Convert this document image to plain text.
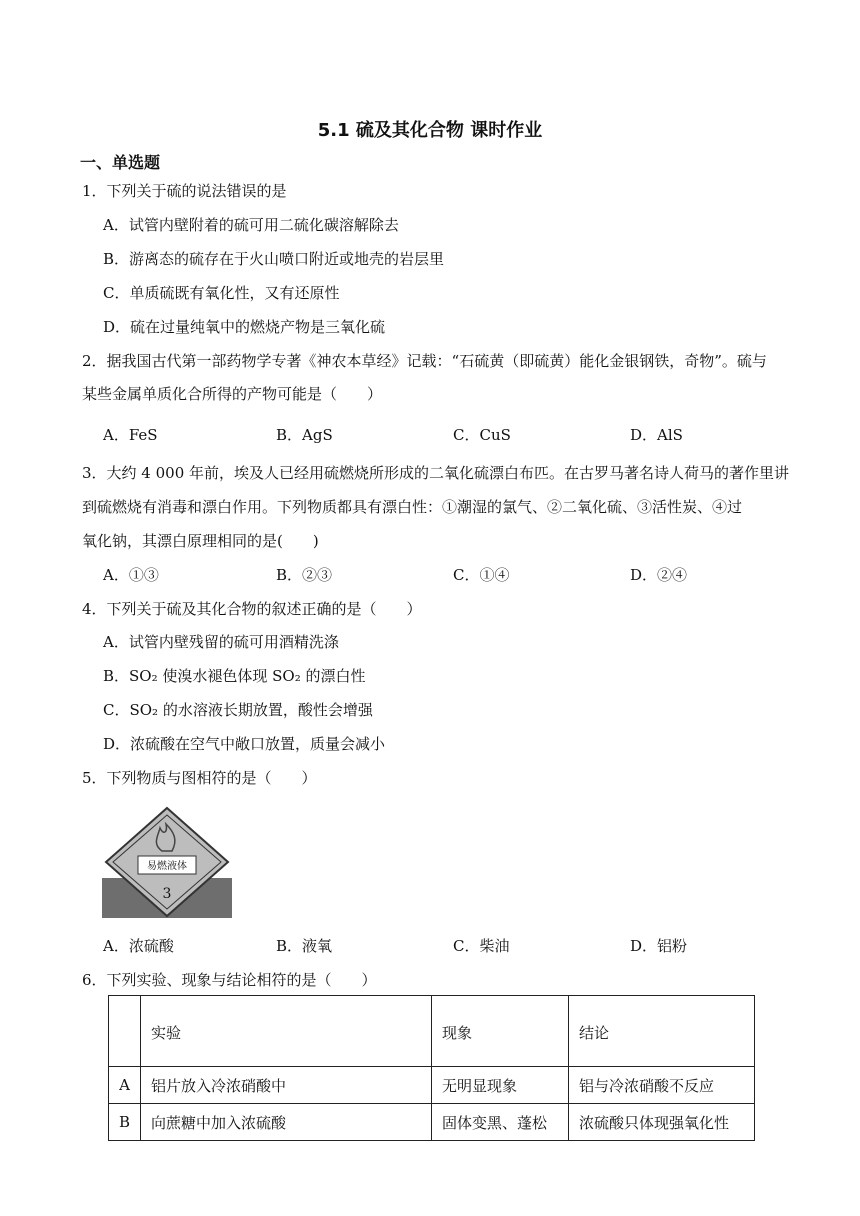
5.1 硫及其化合物 课时作业
一、单选题
1．下列关于硫的说法错误的是
A．试管内壁附着的硫可用二硫化碳溶解除去
B．游离态的硫存在于火山喷口附近或地壳的岩层里
C．单质硫既有氧化性，又有还原性
D．硫在过量纯氧中的燃烧产物是三氧化硫
2．据我国古代第一部药物学专著《神农本草经》记载：“石硫黄（即硫黄）能化金银钢铁，奇物”。硫与
某些金属单质化合所得的产物可能是（　　）
A．FeS	B．AgS	C．CuS	D．AlS
3．大约 4 000 年前，埃及人已经用硫燃烧所形成的二氧化硫漂白布匹。在古罗马著名诗人荷马的著作里讲
到硫燃烧有消毒和漂白作用。下列物质都具有漂白性：①潮湿的氯气、②二氧化硫、③活性炭、④过
氧化钠，其漂白原理相同的是(　　)
A．①③	B．②③	C．①④	D．②④
4．下列关于硫及其化合物的叙述正确的是（　　）
A．试管内壁残留的硫可用酒精洗涤
B．SO₂ 使溴水褪色体现 SO₂ 的漂白性
C．SO₂ 的水溶液长期放置，酸性会增强
D．浓硫酸在空气中敞口放置，质量会减小
5．下列物质与图相符的是（　　）
易燃液体
3
A．浓硫酸	B．液氧	C．柴油	D．铝粉
6．下列实验、现象与结论相符的是（　　）
	实验	现象	结论
A	铝片放入冷浓硝酸中	无明显现象	铝与冷浓硝酸不反应
B	向蔗糖中加入浓硫酸	固体变黑、蓬松	浓硫酸只体现强氧化性
